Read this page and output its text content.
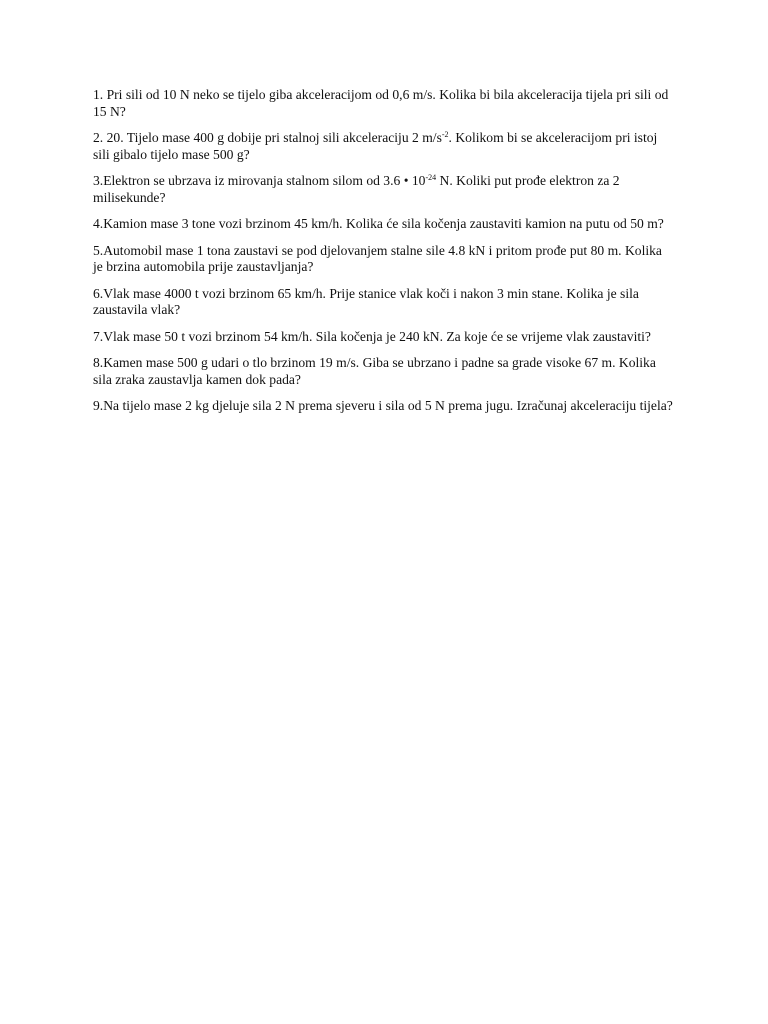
1. Pri sili od 10 N neko se tijelo giba akceleracijom od 0,6 m/s. Kolika bi bila akceleracija tijela pri sili od 15 N?

2. 20. Tijelo mase 400 g dobije pri stalnoj sili akceleraciju 2 $m/s^{-2}$. Kolikom bi se akceleracijom pri istoj sili gibalo tijelo mase 500 g?

3.Elektron se ubrzava iz mirovanja stalnom silom od 3.6 • $10^{-24}$ N. Koliki put prođe elektron za 2 milisekunde?

4.Kamion mase 3 tone vozi brzinom 45 km/h. Kolika će sila kočenja zaustaviti kamion na putu od 50 m?

5.Automobil mase 1 tona zaustavi se pod djelovanjem stalne sile 4.8 kN i pritom prođe put 80 m. Kolika je brzina automobila prije zaustavljanja?

6.Vlak mase 4000 t vozi brzinom 65 km/h. Prije stanice vlak koči i nakon 3 min stane. Kolika je sila zaustavila vlak?

7.Vlak mase 50 t vozi brzinom 54 km/h. Sila kočenja je 240 kN. Za koje će se vrijeme vlak zaustaviti?

8.Kamen mase 500 g udari o tlo brzinom 19 m/s. Giba se ubrzano i padne sa grade visoke 67 m. Kolika sila zraka zaustavlja kamen dok pada?

9.Na tijelo mase 2 kg djeluje sila 2 N prema sjeveru i sila od 5 N prema jugu. Izračunaj akceleraciju tijela?
